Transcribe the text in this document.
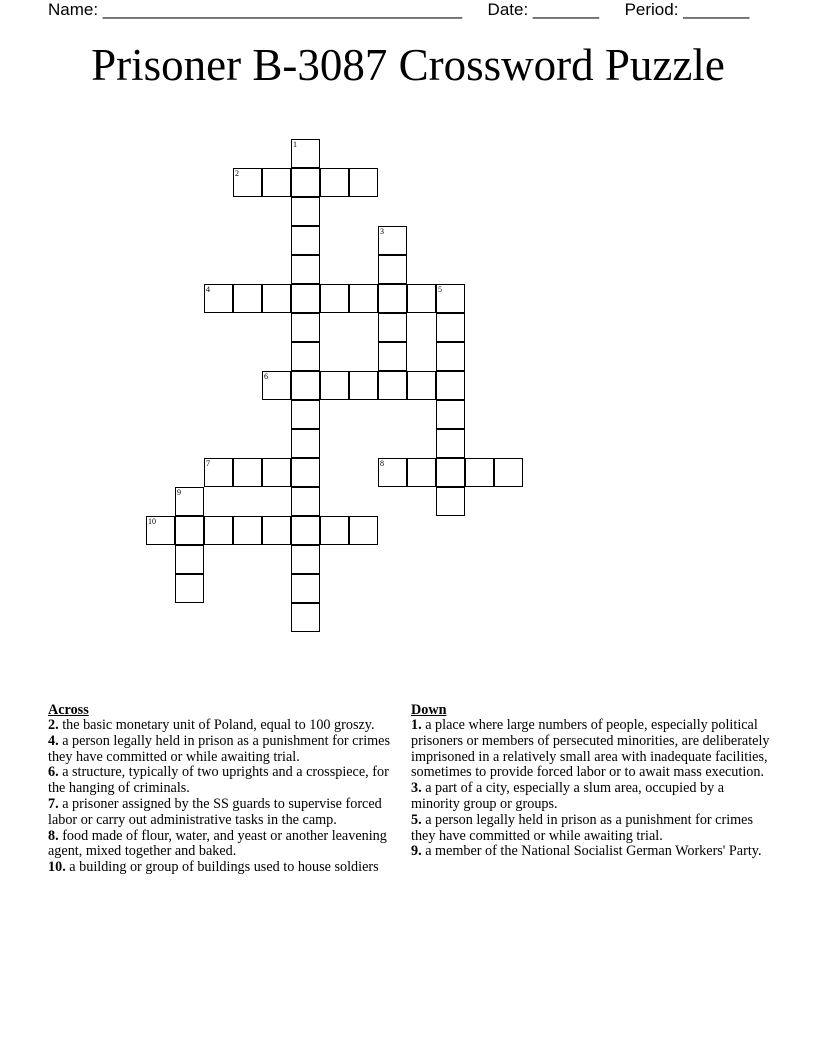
Name: ______________________________________ Date: _______ Period: _______
Prisoner B-3087 Crossword Puzzle
1
2
3
4	5
6
7	8
9
10
Across

2. the basic monetary unit of Poland, equal to 100 groszy.

4. a person legally held in prison as a punishment for crimes they have committed or while awaiting trial.

6. a structure, typically of two uprights and a crosspiece, for the hanging of criminals.

7. a prisoner assigned by the SS guards to supervise forced labor or carry out administrative tasks in the camp.

8. food made of flour, water, and yeast or another leavening agent, mixed together and baked.

10. a building or group of buildings used to house soldiers

Down

1. a place where large numbers of people, especially political prisoners or members of persecuted minorities, are deliberately imprisoned in a relatively small area with inadequate facilities, sometimes to provide forced labor or to await mass execution.

3. a part of a city, especially a slum area, occupied by a minority group or groups.

5. a person legally held in prison as a punishment for crimes they have committed or while awaiting trial.

9. a member of the National Socialist German Workers' Party.
